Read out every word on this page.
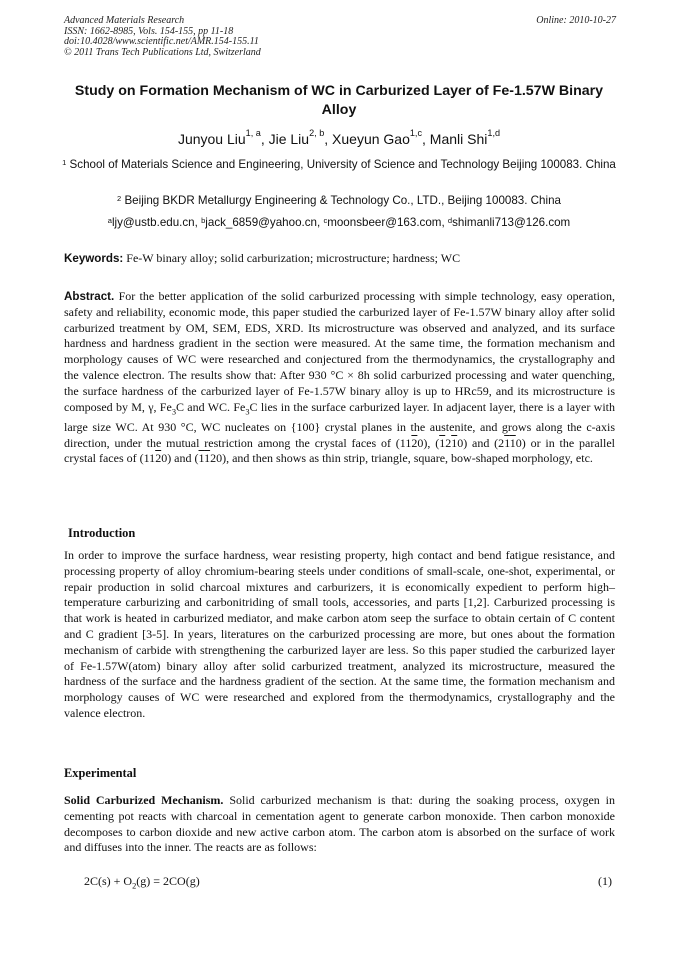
Advanced Materials Research
ISSN: 1662-8985, Vols. 154-155, pp 11-18
doi:10.4028/www.scientific.net/AMR.154-155.11
© 2011 Trans Tech Publications Ltd, Switzerland
Online: 2010-10-27
Study on Formation Mechanism of WC in Carburized Layer of Fe-1.57W Binary Alloy
Junyou Liu$^{1, a}$, Jie Liu$^{2, b}$, Xueyun Gao$^{1,c}$, Manli Shi$^{1,d}$
$^1$ School of Materials Science and Engineering, University of Science and Technology Beijing 100083. China
$^2$ Beijing BKDR Metallurgy Engineering & Technology Co., LTD., Beijing 100083. China
$^a$ljy@ustb.edu.cn, $^b$jack_6859@yahoo.cn, $^c$moonsbeer@163.com, $^d$shimanli713@126.com
Keywords: Fe-W binary alloy; solid carburization; microstructure; hardness; WC
Abstract. For the better application of the solid carburized processing with simple technology, easy operation, safety and reliability, economic mode, this paper studied the carburized layer of Fe-1.57W binary alloy after solid carburized treatment by OM, SEM, EDS, XRD. Its microstructure was observed and analyzed, and its surface hardness and hardness gradient in the section were measured. At the same time, the formation mechanism and morphology causes of WC were researched and conjectured from the thermodynamics, the crystallography and the valence electron. The results show that: After 930 °C × 8h solid carburized processing and water quenching, the surface hardness of the carburized layer of Fe-1.57W binary alloy is up to HRc59, and its microstructure is composed by M, γ, $Fe_3C$ and WC. $Fe_3C$ lies in the surface carburized layer. In adjacent layer, there is a layer with large size WC. At 930 °C, WC nucleates on {100} crystal planes in the austenite, and grows along the c-axis direction, under the mutual restriction among the crystal faces of (1120), (1210) and (2110) or in the parallel crystal faces of (1120) and (1120), and then shows as thin strip, triangle, square, bow-shaped morphology, etc.
Introduction
In order to improve the surface hardness, wear resisting property, high contact and bend fatigue resistance, and processing property of alloy chromium-bearing steels under conditions of small-scale, one-shot, experimental, or repair production in solid charcoal mixtures and carburizers, it is economically expedient to perform high–temperature carburizing and carbonitriding of small tools, accessories, and parts [1,2]. Carburized processing is that work is heated in carburized mediator, and make carbon atom seep the surface to obtain certain of C content and C gradient [3-5]. In years, literatures on the carburized processing are more, but ones about the formation mechanism of carbide with strengthening the carburized layer are less. So this paper studied the carburized layer of Fe-1.57W(atom) binary alloy after solid carburized treatment, analyzed its microstructure, measured the hardness of the surface and the hardness gradient of the section. At the same time, the formation mechanism and morphology causes of WC were researched and explored from the thermodynamics, crystallography and the valence electron.
Experimental
Solid Carburized Mechanism. Solid carburized mechanism is that: during the soaking process, oxygen in cementing pot reacts with charcoal in cementation agent to generate carbon monoxide. Then carbon monoxide decomposes to carbon dioxide and new active carbon atom. The carbon atom is absorbed on the surface of work and diffuses into the inner. The reacts are as follows:
$2C(s) + O_2(g) = 2CO(g)$	(1)
